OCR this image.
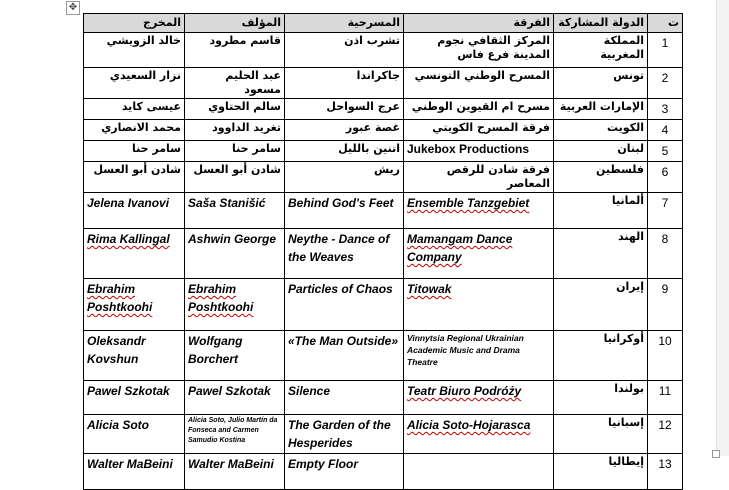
✥
المخرج	المؤلف	المسرحية	الفرقة	الدولة المشاركة	ت
خالد الزويشي	قاسم مطرود	تشرب اذن	المركز الثقافي نجوم المدينة فرع فاس	المملكة المغربية	1
نزار السعيدي	عبد الحليم مسعود	جاكراندا	المسرح الوطني التونسي	تونس	2
عيسى كايد	سالم الحتاوي	عرج السواحل	مسرح ام القيوين الوطني	الإمارات العربية	3
محمد الانصاري	تغريد الداوود	غصة عبور	فرقة المسرح الكويتي	الكويت	4
سامر حنا	سامر حنا	اتنين بالليل	Jukebox Productions	لبنان	5
شادن أبو العسل	شادن أبو العسل	ريش	فرقة شادن للرقص المعاصر	فلسطين	6
Jelena Ivanovi	Saša Stanišić	Behind God's Feet	Ensemble Tanzgebiet	ألمانيا	7
Rima Kallingal	Ashwin George	Neythe - Dance of the Weaves	Mamangam Dance Company	الهند	8
Ebrahim Poshtkoohi	Ebrahim Poshtkoohi	Particles of Chaos	Titowak	إيران	9
Oleksandr Kovshun	Wolfgang Borchert	«The Man Outside»	Vinnytsia Regional Ukrainian Academic Music and Drama Theatre	أوكرانيا	10
Pawel Szkotak	Pawel Szkotak	Silence	Teatr Biuro Podróży	بولندا	11
Alicia Soto	Alicia Soto, Julio Martín da Fonseca and Carmen Samudio Kostina	The Garden of the Hesperides	Alicia Soto-Hojarasca	إسبانيا	12
Walter MaBeini	Walter MaBeini	Empty Floor		إيطاليا	13
